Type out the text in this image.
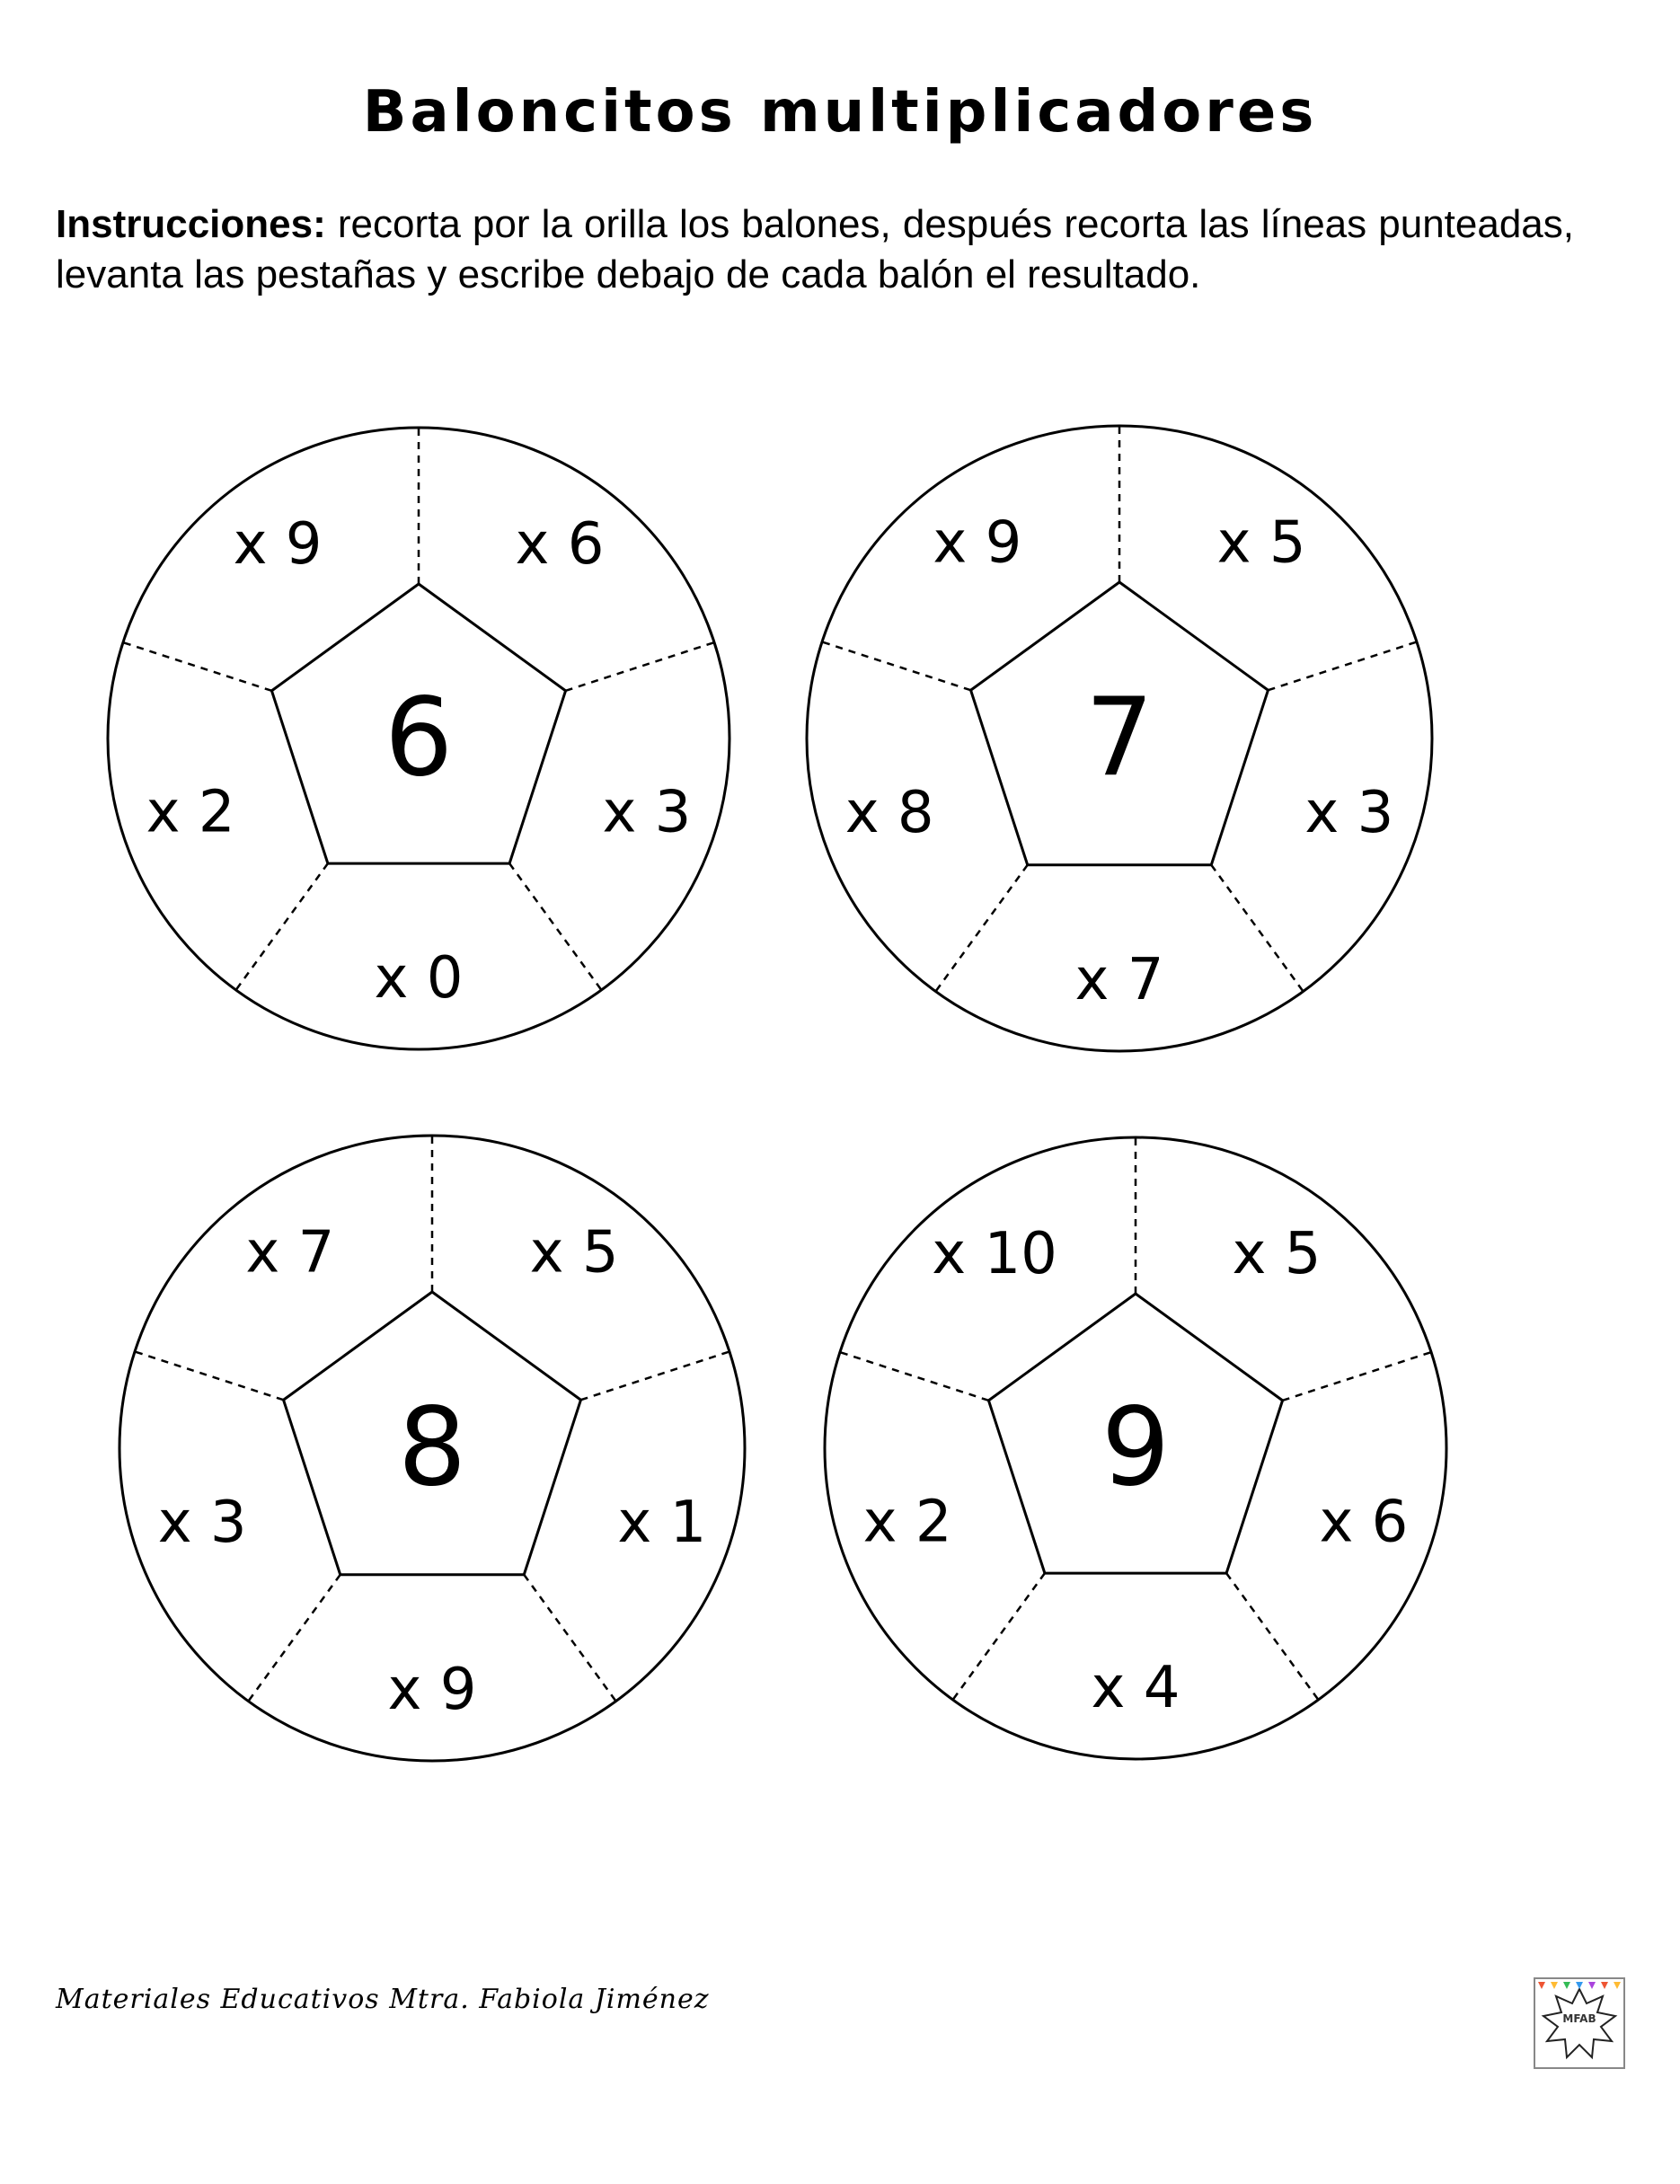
Baloncitos multiplicadores
Instrucciones: recorta por la orilla los balones, después recorta las líneas punteadas, levanta las pestañas y escribe debajo de cada balón el resultado.
6
x 6
x 3
x 0
x 2
x 9
7
x 5
x 3
x 7
x 8
x 9
8
x 5
x 1
x 9
x 3
x 7
9
x 5
x 6
x 4
x 2
x 10
Materiales Educativos Mtra. Fabiola Jiménez
MFAB
